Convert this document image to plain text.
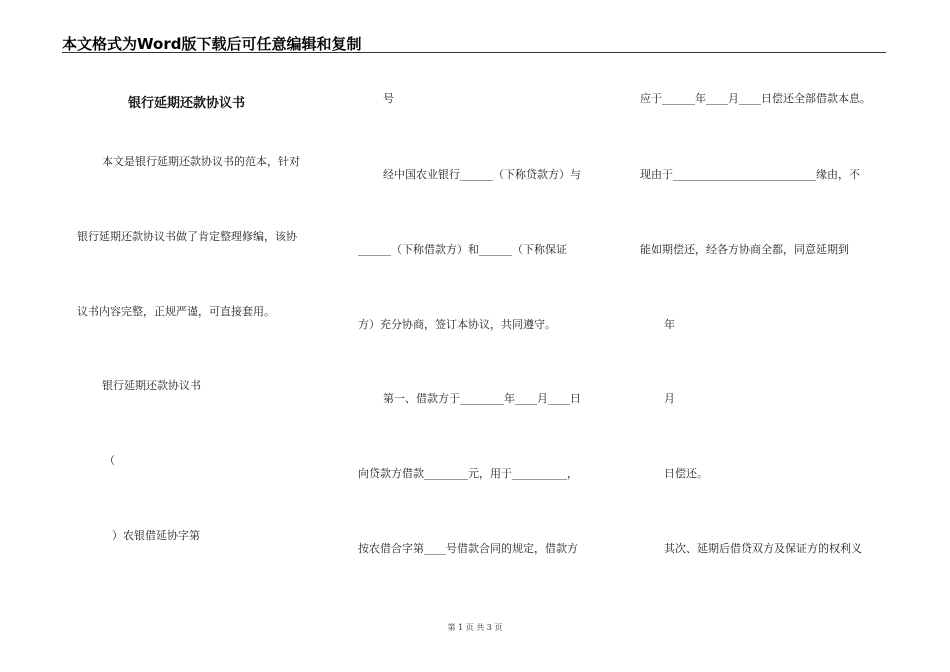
本文格式为Word版下载后可任意编辑和复制
银行延期还款协议书
本文是银行延期还款协议书的范本，针对
银行延期还款协议书做了肯定整理修编，该协
议书内容完整，正规严谨，可直接套用。
银行延期还款协议书
（
）农银借延协字第
号
经中国农业银行______（下称贷款方）与
______（下称借款方）和______（下称保证
方）充分协商，签订本协议，共同遵守。
第一、借款方于________年____月____日
向贷款方借款________元，用于__________，
按农借合字第____号借款合同的规定，借款方
应于______年____月____日偿还全部借款本息。
现由于__________________________缘由，不
能如期偿还，经各方协商全都，同意延期到
年
月
日偿还。
其次、延期后借贷双方及保证方的权利义
第 1 页 共 3 页
